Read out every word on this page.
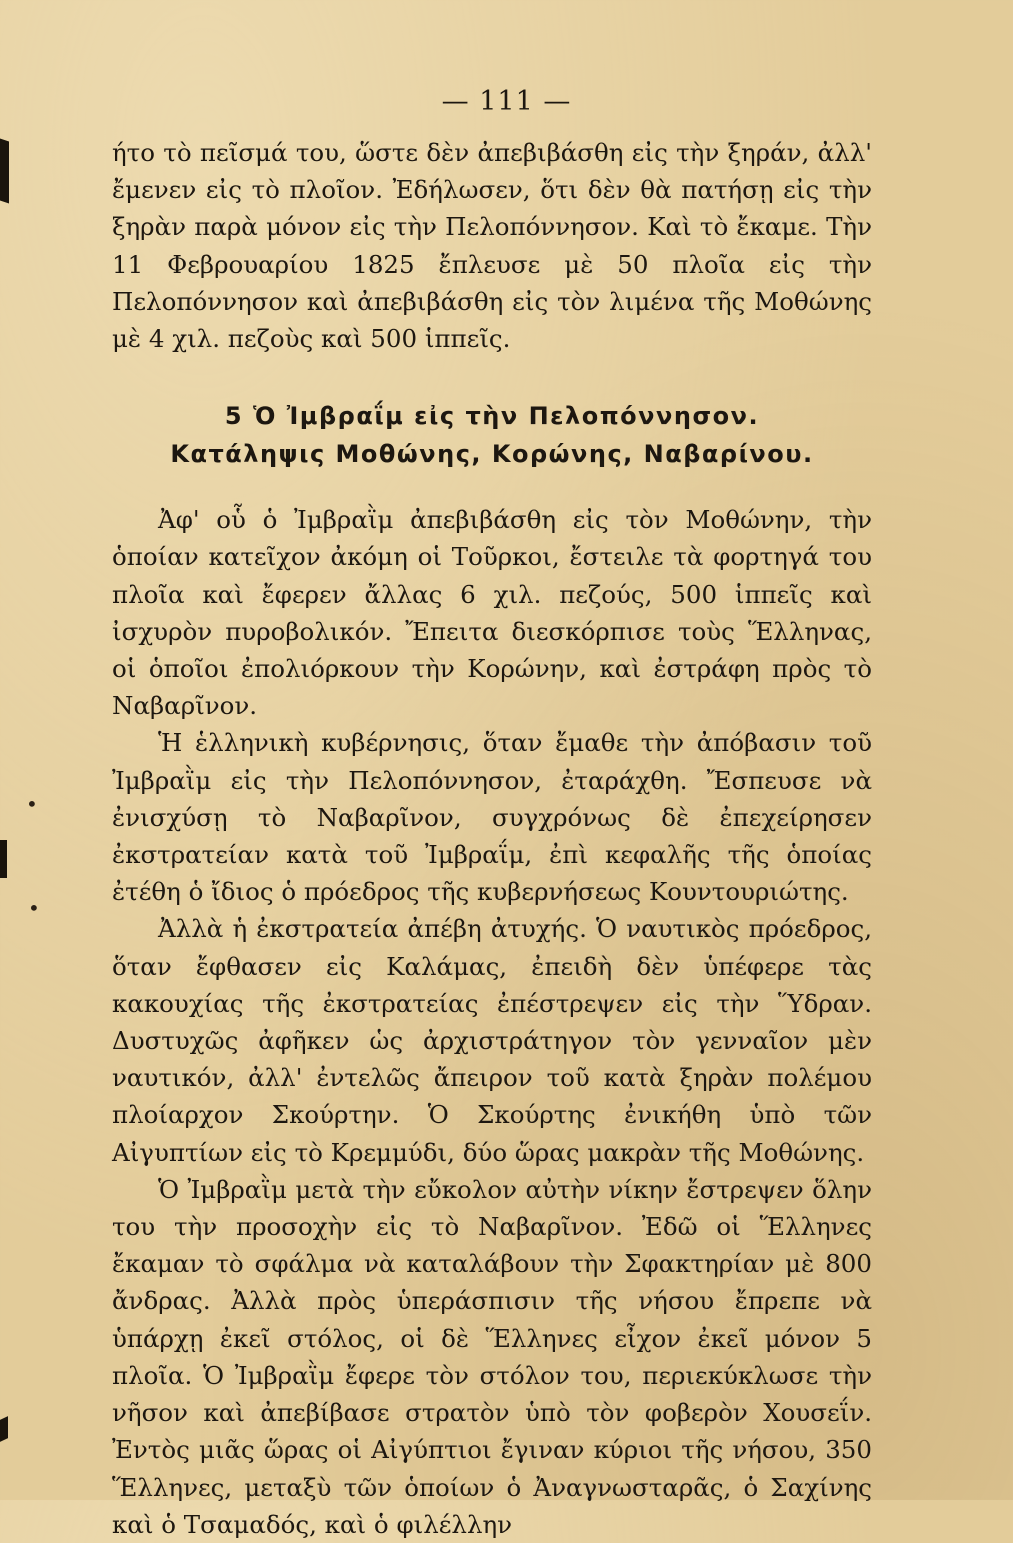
•
•
— 111 —

ήτο τὸ πεῖσμά του, ὥστε δὲν ἀπεβιβάσθη εἰς τὴν ξηράν, ἀλλ' ἔμενεν εἰς τὸ πλοῖον. Ἐδήλωσεν, ὅτι δὲν θὰ πατήσῃ εἰς τὴν ξηρὰν παρὰ μόνον εἰς τὴν Πελοπόννησον. Καὶ τὸ ἔκαμε. Τὴν 11 Φεβρουαρίου 1825 ἔπλευσε μὲ 50 πλοῖα εἰς τὴν Πελοπόννησον καὶ ἀπεβιβάσθη εἰς τὸν λιμένα τῆς Μοθώνης μὲ 4 χιλ. πεζοὺς καὶ 500 ἱππεῖς.

5 Ὁ Ἰμβραΐμ εἰς τὴν Πελοπόννησον.
Κατάληψις Μοθώνης, Κορώνης, Ναβαρίνου.

Ἀφ' οὗ ὁ Ἰμβραῒμ ἀπεβιβάσθη εἰς τὸν Μοθώνην, τὴν ὁποίαν κατεῖχον ἀκόμη οἱ Τοῦρκοι, ἔστειλε τὰ φορτηγά του πλοῖα καὶ ἔφερεν ἄλλας 6 χιλ. πεζούς, 500 ἱππεῖς καὶ ἰσχυρὸν πυροβολικόν. Ἔπειτα διεσκόρπισε τοὺς Ἕλληνας, οἱ ὁποῖοι ἐπολιόρκουν τὴν Κορώνην, καὶ ἐστράφη πρὸς τὸ Ναβαρῖνον.

Ἡ ἑλληνικὴ κυβέρνησις, ὅταν ἔμαθε τὴν ἀπόβασιν τοῦ Ἰμβραῒμ εἰς τὴν Πελοπόννησον, ἐταράχθη. Ἔσπευσε νὰ ἐνισχύσῃ τὸ Ναβαρῖνον, συγχρόνως δὲ ἐπεχείρησεν ἐκστρατείαν κατὰ τοῦ Ἰμβραΐμ, ἐπὶ κεφαλῆς τῆς ὁποίας ἐτέθη ὁ ἴδιος ὁ πρόεδρος τῆς κυβερνήσεως Κουντουριώτης.

Ἀλλὰ ἡ ἐκστρατεία ἀπέβη ἀτυχής. Ὁ ναυτικὸς πρόεδρος, ὅταν ἔφθασεν εἰς Καλάμας, ἐπειδὴ δὲν ὑπέφερε τὰς κακουχίας τῆς ἐκστρατείας ἐπέστρεψεν εἰς τὴν Ὕδραν. Δυστυχῶς ἀφῆκεν ὡς ἀρχιστράτηγον τὸν γενναῖον μὲν ναυτικόν, ἀλλ' ἐντελῶς ἄπειρον τοῦ κατὰ ξηρὰν πολέμου πλοίαρχον Σκούρτην. Ὁ Σκούρτης ἐνικήθη ὑπὸ τῶν Αἰγυπτίων εἰς τὸ Κρεμμύδι, δύο ὥρας μακρὰν τῆς Μοθώνης.

Ὁ Ἰμβραῒμ μετὰ τὴν εὔκολον αὐτὴν νίκην ἔστρεψεν ὅλην του τὴν προσοχὴν εἰς τὸ Ναβαρῖνον. Ἐδῶ οἱ Ἕλληνες ἔκαμαν τὸ σφάλμα νὰ καταλάβουν τὴν Σφακτηρίαν μὲ 800 ἄνδρας. Ἀλλὰ πρὸς ὑπεράσπισιν τῆς νήσου ἔπρεπε νὰ ὑπάρχῃ ἐκεῖ στόλος, οἱ δὲ Ἕλληνες εἶχον ἐκεῖ μόνον 5 πλοῖα. Ὁ Ἰμβραῒμ ἔφερε τὸν στόλον του, περιεκύκλωσε τὴν νῆσον καὶ ἀπεβίβασε στρατὸν ὑπὸ τὸν φοβερὸν Χουσεΐν. Ἐντὸς μιᾶς ὥρας οἱ Αἰγύπτιοι ἔγιναν κύριοι τῆς νήσου, 350 Ἕλληνες, μεταξὺ τῶν ὁποίων ὁ Ἀναγνωσταρᾶς, ὁ Σαχίνης καὶ ὁ Τσαμαδός, καὶ ὁ φιλέλλην
